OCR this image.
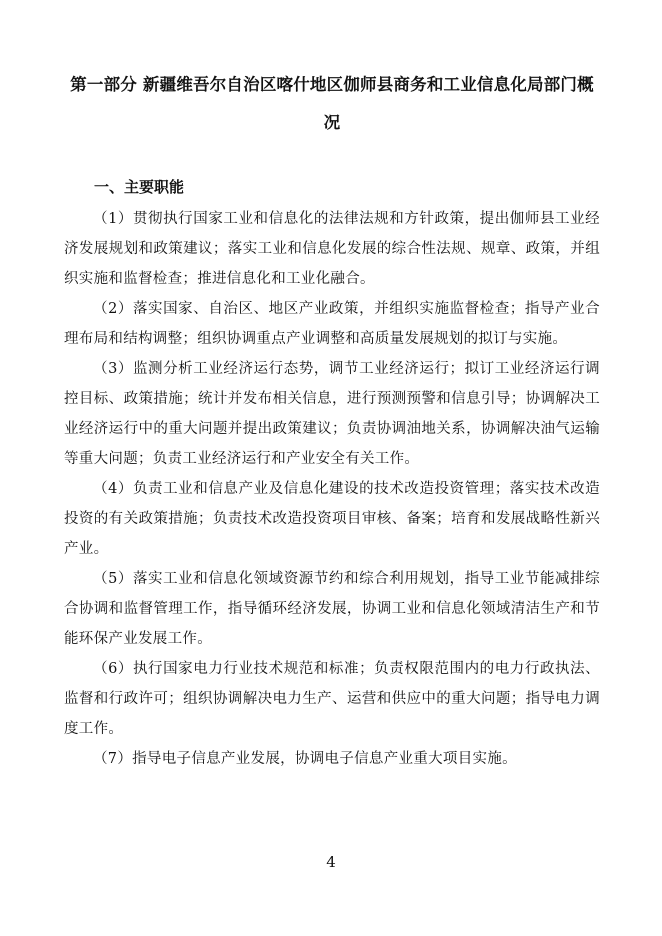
第一部分 新疆维吾尔自治区喀什地区伽师县商务和工业信息化局部门概况
一、主要职能

（1）贯彻执行国家工业和信息化的法律法规和方针政策，提出伽师县工业经济发展规划和政策建议；落实工业和信息化发展的综合性法规、规章、政策，并组织实施和监督检查；推进信息化和工业化融合。

（2）落实国家、自治区、地区产业政策，并组织实施监督检查；指导产业合理布局和结构调整；组织协调重点产业调整和高质量发展规划的拟订与实施。

（3）监测分析工业经济运行态势，调节工业经济运行；拟订工业经济运行调控目标、政策措施；统计并发布相关信息，进行预测预警和信息引导；协调解决工业经济运行中的重大问题并提出政策建议；负责协调油地关系，协调解决油气运输等重大问题；负责工业经济运行和产业安全有关工作。

（4）负责工业和信息产业及信息化建设的技术改造投资管理；落实技术改造投资的有关政策措施；负责技术改造投资项目审核、备案；培育和发展战略性新兴产业。

（5）落实工业和信息化领域资源节约和综合利用规划，指导工业节能减排综合协调和监督管理工作，指导循环经济发展，协调工业和信息化领域清洁生产和节能环保产业发展工作。

（6）执行国家电力行业技术规范和标准；负责权限范围内的电力行政执法、监督和行政许可；组织协调解决电力生产、运营和供应中的重大问题；指导电力调度工作。

（7）指导电子信息产业发展，协调电子信息产业重大项目实施。

4
